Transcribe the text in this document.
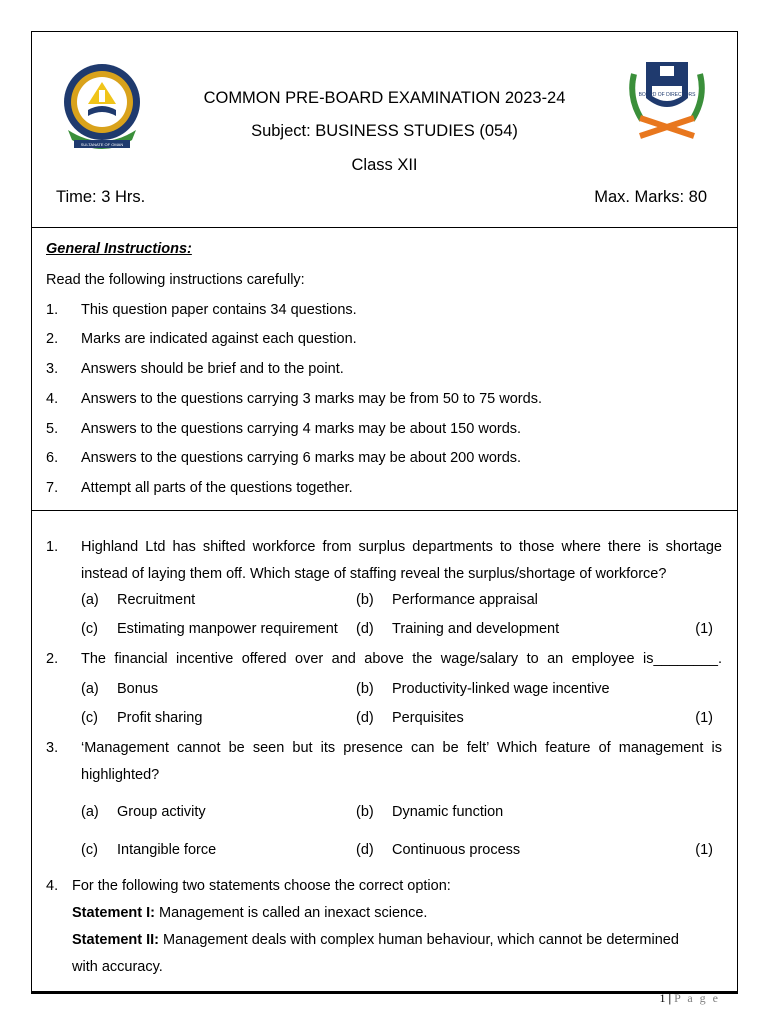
SULTANATE OF OMAN
BOARD OF DIRECTORS
COMMON PRE-BOARD EXAMINATION 2023-24
Subject: BUSINESS STUDIES (054)
Class XII
Time: 3 Hrs.	Max. Marks: 80
General Instructions:
Read the following instructions carefully:
1. This question paper contains 34 questions.
2. Marks are indicated against each question.
3. Answers should be brief and to the point.
4. Answers to the questions carrying 3 marks may be from 50 to 75 words.
5. Answers to the questions carrying 4 marks may be about 150 words.
6. Answers to the questions carrying 6 marks may be about 200 words.
7. Attempt all parts of the questions together.
1. Highland Ltd has shifted workforce from surplus departments to those where there is shortage
instead of laying them off. Which stage of staffing reveal the surplus/shortage of workforce?
(a) Recruitment	(b) Performance appraisal
(c) Estimating manpower requirement (d) Training and development	(1)
2. The financial incentive offered over and above the wage/salary to an employee is________.
(a) Bonus	(b) Productivity-linked wage incentive
(c) Profit sharing	(d) Perquisites	(1)
3. ‘Management cannot be seen but its presence can be felt’ Which feature of management is
highlighted?
(a) Group activity	(b) Dynamic function
(c) Intangible force	(d) Continuous process	(1)
4. For the following two statements choose the correct option:
Statement I: Management is called an inexact science.
Statement II: Management deals with complex human behaviour, which cannot be determined
with accuracy.
1 | P a g e
